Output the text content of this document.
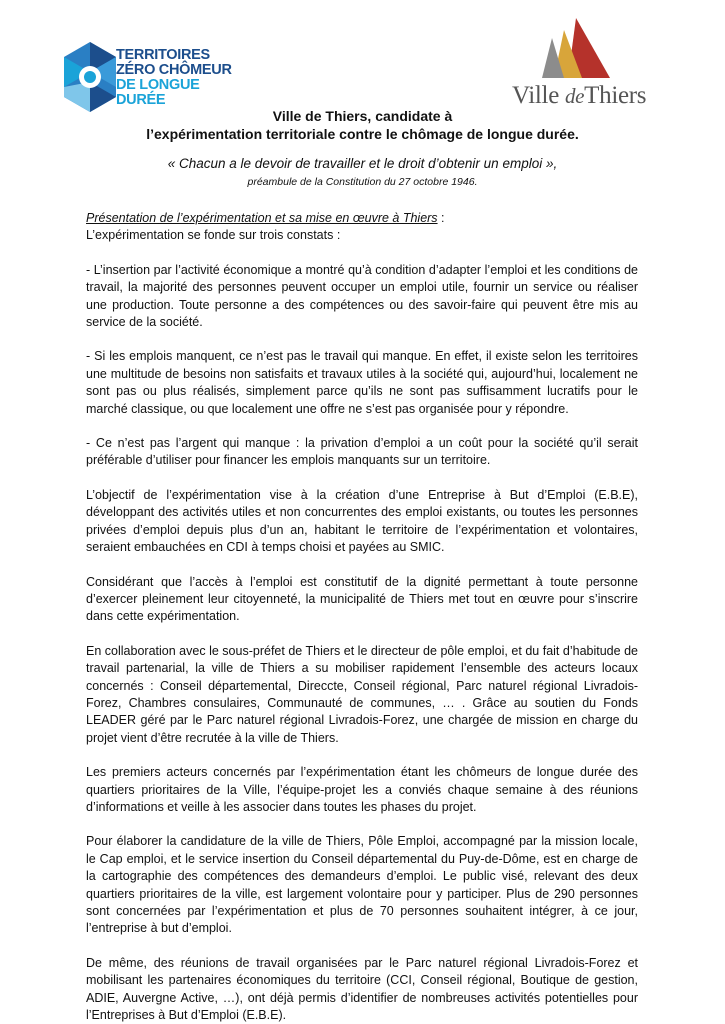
TERRITOIRES
ZÉRO CHÔMEUR
DE LONGUE
DURÉE	Ville deThiers
Ville de Thiers, candidate à
l’expérimentation territoriale contre le chômage de longue durée.
« Chacun a le devoir de travailler et le droit d’obtenir un emploi »,
préambule de la Constitution du 27 octobre 1946.

Présentation de l’expérimentation et sa mise en œuvre à Thiers :

L’expérimentation se fonde sur trois constats :

- L’insertion par l’activité économique a montré qu’à condition d’adapter l’emploi et les conditions de travail, la majorité des personnes peuvent occuper un emploi utile, fournir un service ou réaliser une production. Toute personne a des compétences ou des savoir-faire qui peuvent être mis au service de la société.

- Si les emplois manquent, ce n’est pas le travail qui manque. En effet, il existe selon les territoires une multitude de besoins non satisfaits et travaux utiles à la société qui, aujourd’hui, localement ne sont pas ou plus réalisés, simplement parce qu’ils ne sont pas suffisamment lucratifs pour le marché classique, ou que localement une offre ne s’est pas organisée pour y répondre.

- Ce n’est pas l’argent qui manque : la privation d’emploi a un coût pour la société qu’il serait préférable d’utiliser pour financer les emplois manquants sur un territoire.

L’objectif de l’expérimentation vise à la création d’une Entreprise à But d’Emploi (E.B.E), développant des activités utiles et non concurrentes des emploi existants, ou toutes les personnes privées d’emploi depuis plus d’un an, habitant le territoire de l’expérimentation et volontaires, seraient embauchées en CDI à temps choisi et payées au SMIC.

Considérant que l’accès à l’emploi est constitutif de la dignité permettant à toute personne d’exercer pleinement leur citoyenneté, la municipalité de Thiers met tout en œuvre pour s’inscrire dans cette expérimentation.

En collaboration avec le sous-préfet de Thiers et le directeur de pôle emploi, et du fait d’habitude de travail partenarial, la ville de Thiers a su mobiliser rapidement l’ensemble des acteurs locaux concernés : Conseil départemental, Direccte, Conseil régional, Parc naturel régional Livradois-Forez, Chambres consulaires, Communauté de communes, … . Grâce au soutien du Fonds LEADER géré par le Parc naturel régional Livradois-Forez, une chargée de mission en charge du projet vient d’être recrutée à la ville de Thiers.

Les premiers acteurs concernés par l’expérimentation étant les chômeurs de longue durée des quartiers prioritaires de la Ville, l’équipe-projet les a conviés chaque semaine à des réunions d’informations et veille à les associer dans toutes les phases du projet.

Pour élaborer la candidature de la ville de Thiers, Pôle Emploi, accompagné par la mission locale, le Cap emploi, et le service insertion du Conseil départemental du Puy-de-Dôme, est en charge de la cartographie des compétences des demandeurs d’emploi. Le public visé, relevant des deux quartiers prioritaires de la ville, est largement volontaire pour y participer. Plus de 290 personnes sont concernées par l’expérimentation et plus de 70 personnes souhaitent intégrer, à ce jour, l’entreprise à but d’emploi.

De même, des réunions de travail organisées par le Parc naturel régional Livradois-Forez et mobilisant les partenaires économiques du territoire (CCI, Conseil régional, Boutique de gestion, ADIE, Auvergne Active, …), ont déjà permis d’identifier de nombreuses activités potentielles pour l’Entreprises à But d’Emploi (E.B.E).
